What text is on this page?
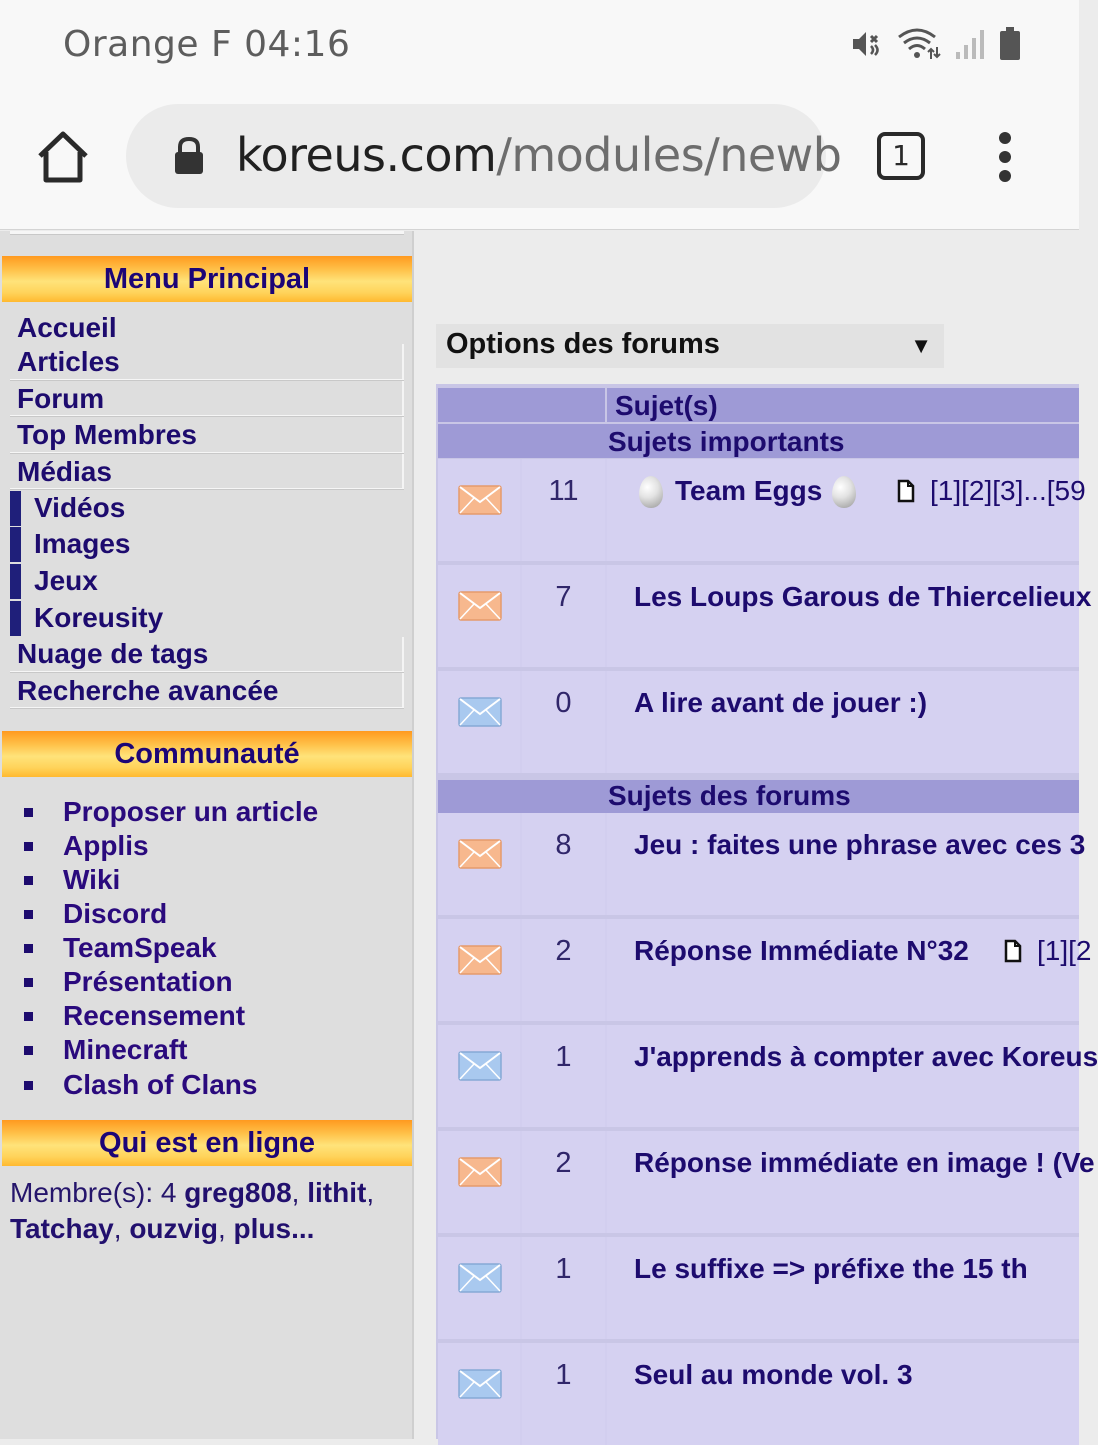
Orange F 04:16
koreus.com/modules/newb	1
Menu Principal
Accueil
Articles
Forum
Top Membres
Médias
Vidéos
Images
Jeux
Koreusity
Nuage de tags
Recherche avancée
Communauté
Proposer un article
Applis
Wiki
Discord
TeamSpeak
Présentation
Recensement
Minecraft
Clash of Clans
Qui est en ligne
Membre(s): 4 greg808, lithit, Tatchay, ouzvig, plus...
Options des forums	▼
Sujet(s)
Sujets importants
Sujets des forums
11	Team Eggs	[1][2][3]...[59
7	Les Loups Garous de Thiercelieux
0	A lire avant de jouer :)
8	Jeu : faites une phrase avec ces 3
2	Réponse Immédiate N°32 [1][2
1	J'apprends à compter avec Koreus
2	Réponse immédiate en image ! (Ve
1	Le suffixe => préfixe the 15 th
1	Seul au monde vol. 3
